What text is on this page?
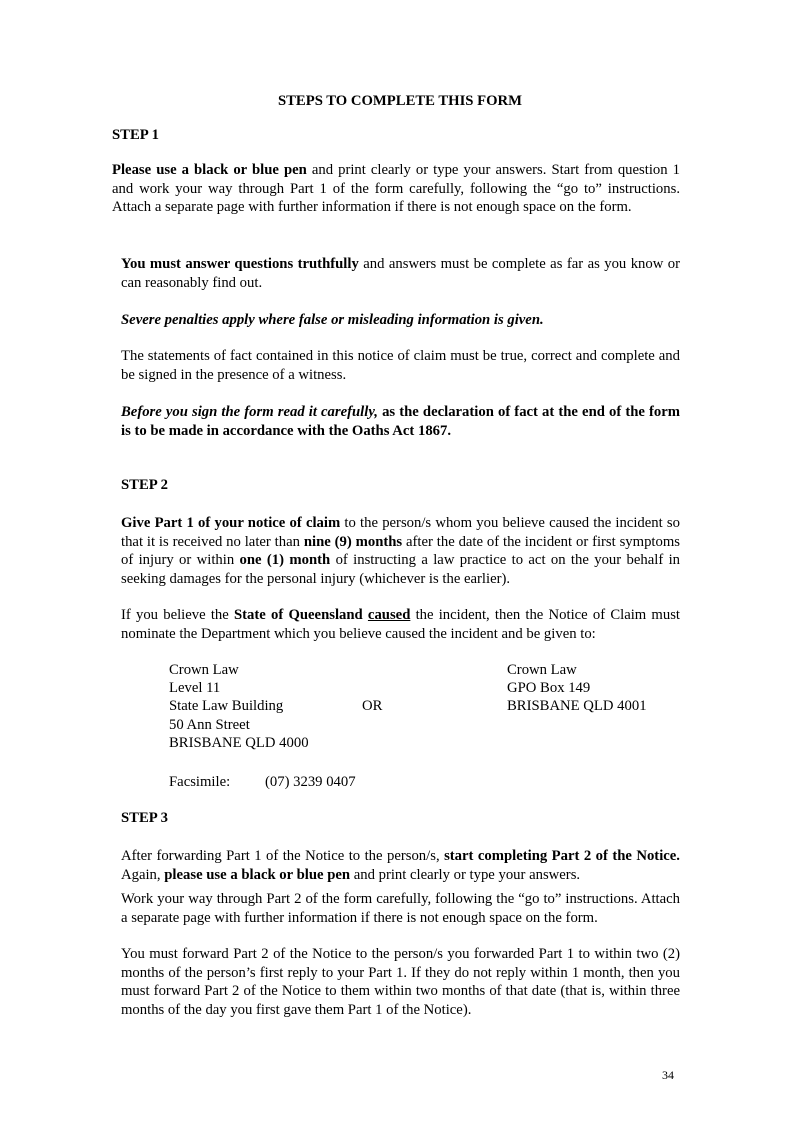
STEPS TO COMPLETE THIS FORM
STEP 1
Please use a black or blue pen and print clearly or type your answers. Start from question 1 and work your way through Part 1 of the form carefully, following the “go to” instructions. Attach a separate page with further information if there is not enough space on the form.
You must answer questions truthfully and answers must be complete as far as you know or can reasonably find out.
Severe penalties apply where false or misleading information is given.
The statements of fact contained in this notice of claim must be true, correct and complete and be signed in the presence of a witness.
Before you sign the form read it carefully, as the declaration of fact at the end of the form is to be made in accordance with the Oaths Act 1867.
STEP 2
Give Part 1 of your notice of claim to the person/s whom you believe caused the incident so that it is received no later than nine (9) months after the date of the incident or first symptoms of injury or within one (1) month of instructing a law practice to act on the your behalf in seeking damages for the personal injury (whichever is the earlier).
If you believe the State of Queensland caused the incident, then the Notice of Claim must nominate the Department which you believe caused the incident and be given to:
Crown Law
Level 11
State Law Building
50 Ann Street
BRISBANE QLD 4000
OR
Crown Law
GPO Box 149
BRISBANE QLD 4001
Facsimile: (07) 3239 0407
STEP 3
After forwarding Part 1 of the Notice to the person/s, start completing Part 2 of the Notice. Again, please use a black or blue pen and print clearly or type your answers.
Work your way through Part 2 of the form carefully, following the “go to” instructions. Attach a separate page with further information if there is not enough space on the form.
You must forward Part 2 of the Notice to the person/s you forwarded Part 1 to within two (2) months of the person’s first reply to your Part 1. If they do not reply within 1 month, then you must forward Part 2 of the Notice to them within two months of that date (that is, within three months of the day you first gave them Part 1 of the Notice).
34
